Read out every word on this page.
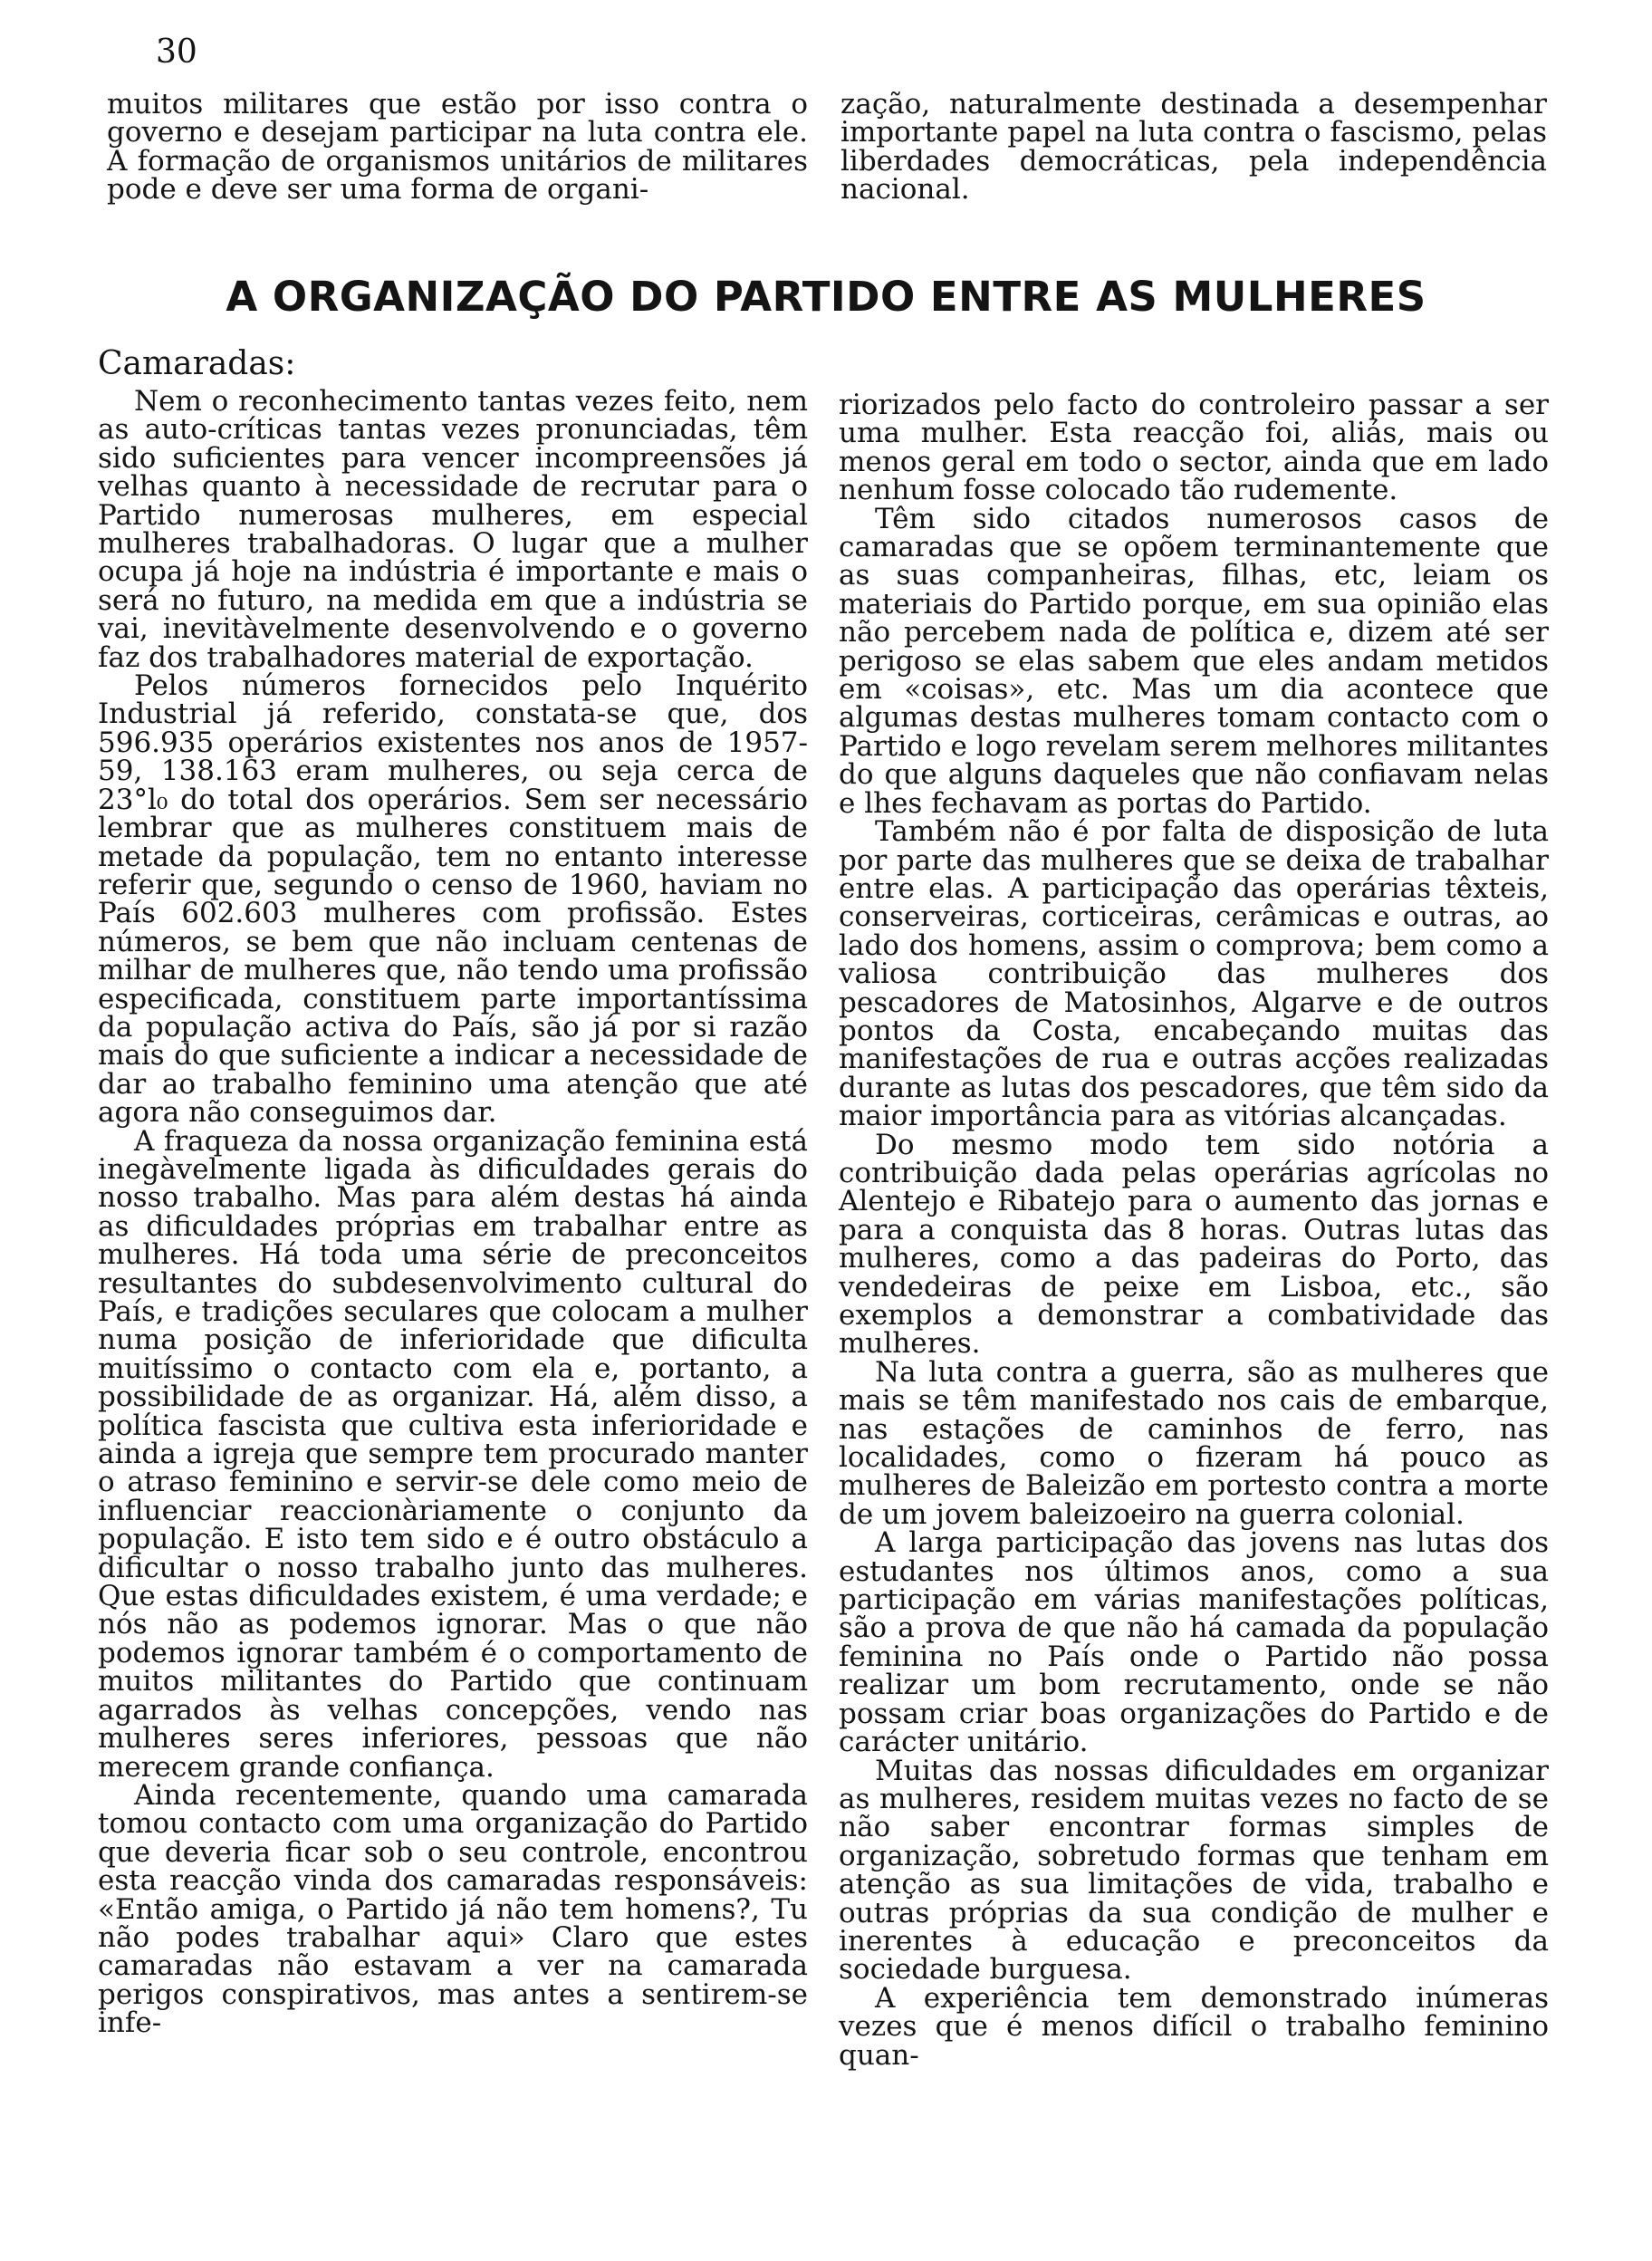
30

muitos militares que estão por isso contra o governo e desejam participar na luta contra ele. A formação de organismos unitários de militares pode e deve ser uma forma de organi-

zação, naturalmente destinada a desempenhar importante papel na luta contra o fascismo, pelas liberdades democráticas, pela independência nacional.

A ORGANIZAÇÃO DO PARTIDO ENTRE AS MULHERES

Camaradas:

Nem o reconhecimento tantas vezes feito, nem as auto-críticas tantas vezes pronunciadas, têm sido suficientes para vencer incompreensões já velhas quanto à necessidade de recrutar para o Partido numerosas mulheres, em especial mulheres trabalhadoras. O lugar que a mulher ocupa já hoje na indústria é importante e mais o será no futuro, na medida em que a indústria se vai, inevitàvelmente desenvolvendo e o governo faz dos trabalhadores material de exportação.

Pelos números fornecidos pelo Inquérito Industrial já referido, constata-se que, dos 596.935 operários existentes nos anos de 1957-59, 138.163 eram mulheres, ou seja cerca de 23°l₀ do total dos operários. Sem ser necessário lembrar que as mulheres constituem mais de metade da população, tem no entanto interesse referir que, segundo o censo de 1960, haviam no País 602.603 mulheres com profissão. Estes números, se bem que não incluam centenas de milhar de mulheres que, não tendo uma profissão especificada, constituem parte importantíssima da população activa do País, são já por si razão mais do que suficiente a indicar a necessidade de dar ao trabalho feminino uma atenção que até agora não conseguimos dar.

A fraqueza da nossa organização feminina está inegàvelmente ligada às dificuldades gerais do nosso trabalho. Mas para além destas há ainda as dificuldades próprias em trabalhar entre as mulheres. Há toda uma série de preconceitos resultantes do subdesenvolvimento cultural do País, e tradições seculares que colocam a mulher numa posição de inferioridade que dificulta muitíssimo o contacto com ela e, portanto, a possibilidade de as organizar. Há, além disso, a política fascista que cultiva esta inferioridade e ainda a igreja que sempre tem procurado manter o atraso feminino e servir-se dele como meio de influenciar reaccionàriamente o conjunto da população. E isto tem sido e é outro obstáculo a dificultar o nosso trabalho junto das mulheres. Que estas dificuldades existem, é uma verdade; e nós não as podemos ignorar. Mas o que não podemos ignorar também é o comportamento de muitos militantes do Partido que continuam agarrados às velhas concepções, vendo nas mulheres seres inferiores, pessoas que não merecem grande confiança.

Ainda recentemente, quando uma camarada tomou contacto com uma organização do Partido que deveria ficar sob o seu controle, encontrou esta reacção vinda dos camaradas responsáveis: «Então amiga, o Partido já não tem homens?, Tu não podes trabalhar aqui» Claro que estes camaradas não estavam a ver na camarada perigos conspirativos, mas antes a sentirem-se infe-

riorizados pelo facto do controleiro passar a ser uma mulher. Esta reacção foi, aliás, mais ou menos geral em todo o sector, ainda que em lado nenhum fosse colocado tão rudemente.

Têm sido citados numerosos casos de camaradas que se opõem terminantemente que as suas companheiras, filhas, etc, leiam os materiais do Partido porque, em sua opinião elas não percebem nada de política e, dizem até ser perigoso se elas sabem que eles andam metidos em «coisas», etc. Mas um dia acontece que algumas destas mulheres tomam contacto com o Partido e logo revelam serem melhores militantes do que alguns daqueles que não confiavam nelas e lhes fechavam as portas do Partido.

Também não é por falta de disposição de luta por parte das mulheres que se deixa de trabalhar entre elas. A participação das operárias têxteis, conserveiras, corticeiras, cerâmicas e outras, ao lado dos homens, assim o comprova; bem como a valiosa contribuição das mulheres dos pescadores de Matosinhos, Algarve e de outros pontos da Costa, encabeçando muitas das manifestações de rua e outras acções realizadas durante as lutas dos pescadores, que têm sido da maior importância para as vitórias alcançadas.

Do mesmo modo tem sido notória a contribuição dada pelas operárias agrícolas no Alentejo e Ribatejo para o aumento das jornas e para a conquista das 8 horas. Outras lutas das mulheres, como a das padeiras do Porto, das vendedeiras de peixe em Lisboa, etc., são exemplos a demonstrar a combatividade das mulheres.

Na luta contra a guerra, são as mulheres que mais se têm manifestado nos cais de embarque, nas estações de caminhos de ferro, nas localidades, como o fizeram há pouco as mulheres de Baleizão em portesto contra a morte de um jovem baleizoeiro na guerra colonial.

A larga participação das jovens nas lutas dos estudantes nos últimos anos, como a sua participação em várias manifestações políticas, são a prova de que não há camada da população feminina no País onde o Partido não possa realizar um bom recrutamento, onde se não possam criar boas organizações do Partido e de carácter unitário.

Muitas das nossas dificuldades em organizar as mulheres, residem muitas vezes no facto de se não saber encontrar formas simples de organização, sobretudo formas que tenham em atenção as sua limitações de vida, trabalho e outras próprias da sua condição de mulher e inerentes à educação e preconceitos da sociedade burguesa.

A experiência tem demonstrado inúmeras vezes que é menos difícil o trabalho feminino quan-
